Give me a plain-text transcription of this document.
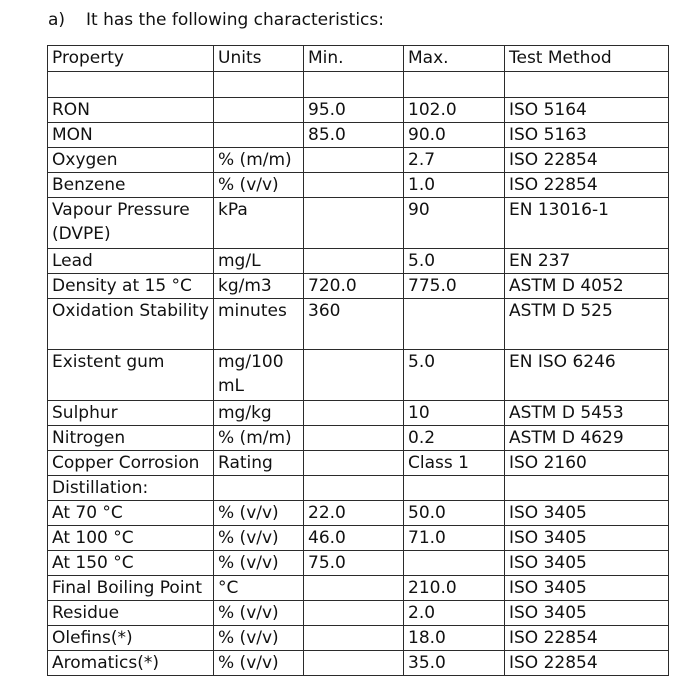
a) It has the following characteristics:
Property	Units	Min.	Max.	Test Method

RON		95.0	102.0	ISO 5164
MON		85.0	90.0	ISO 5163
Oxygen	% (m/m)		2.7	ISO 22854
Benzene	% (v/v)		1.0	ISO 22854
Vapour Pressure (DVPE)	kPa		90	EN 13016-1
Lead	mg/L		5.0	EN 237
Density at 15 °C	kg/m3	720.0	775.0	ASTM D 4052
Oxidation Stability	minutes	360		ASTM D 525
Existent gum	mg/100 mL		5.0	EN ISO 6246
Sulphur	mg/kg		10	ASTM D 5453
Nitrogen	% (m/m)		0.2	ASTM D 4629
Copper Corrosion	Rating		Class 1	ISO 2160
Distillation:				
At 70 °C	% (v/v)	22.0	50.0	ISO 3405
At 100 °C	% (v/v)	46.0	71.0	ISO 3405
At 150 °C	% (v/v)	75.0		ISO 3405
Final Boiling Point	°C		210.0	ISO 3405
Residue	% (v/v)		2.0	ISO 3405
Olefins(*)	% (v/v)		18.0	ISO 22854
Aromatics(*)	% (v/v)		35.0	ISO 22854
